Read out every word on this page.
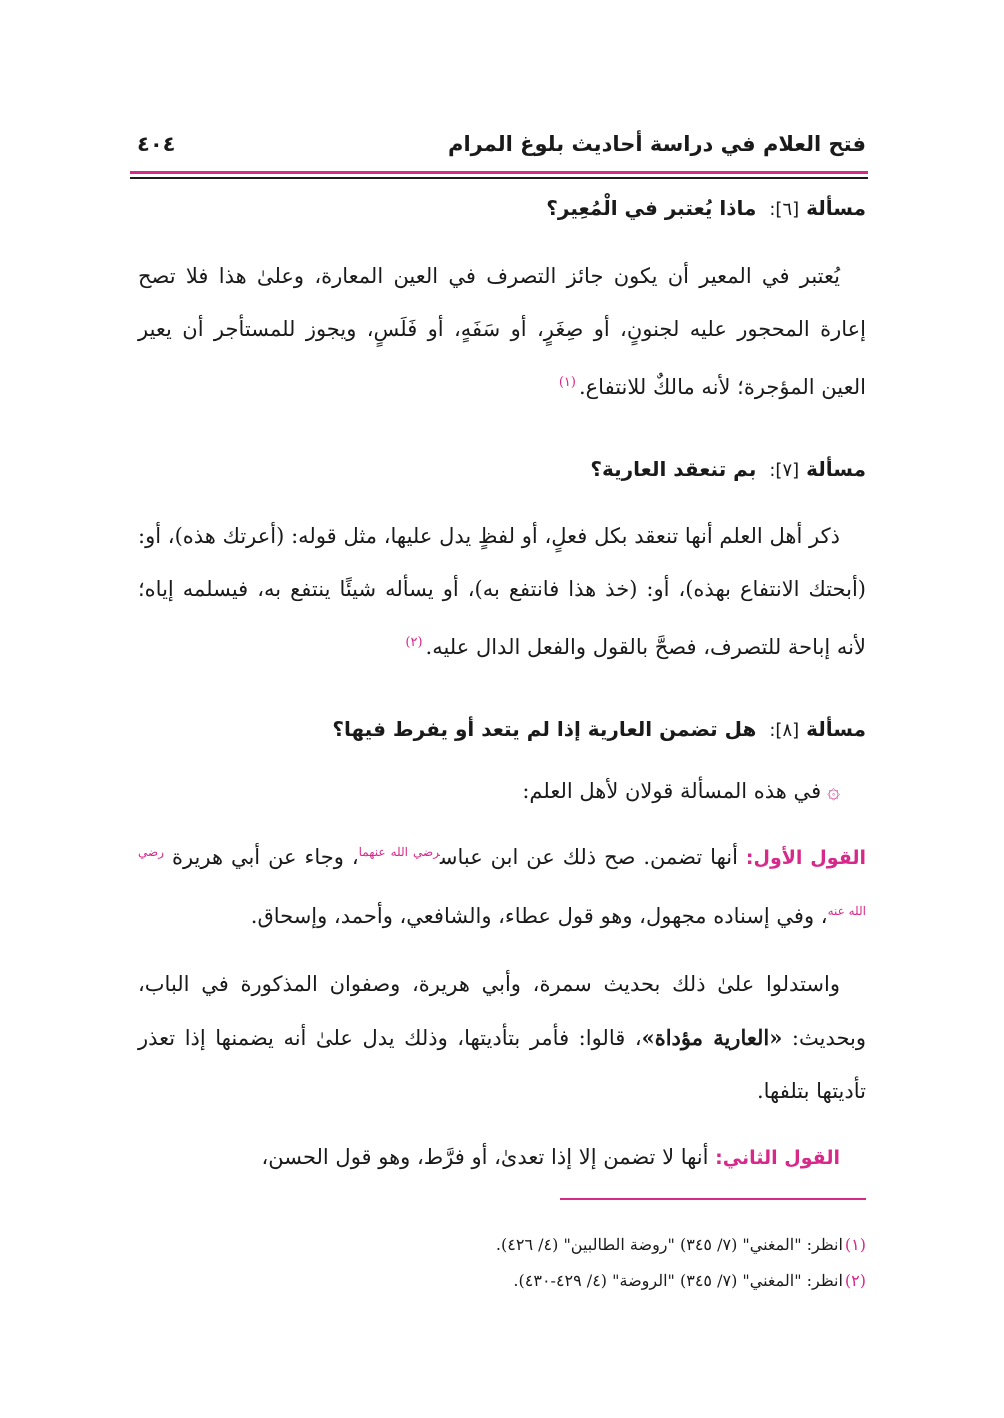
فتح العلام في دراسة أحاديث بلوغ المرام
٤٠٤
مسألة [٦]: ماذا يُعتبر في الْمُعِير؟
يُعتبر في المعير أن يكون جائز التصرف في العين المعارة، وعلىٰ هذا فلا تصح إعارة المحجور عليه لجنونٍ، أو صِغَرٍ، أو سَفَهٍ، أو فَلَسٍ، ويجوز للمستأجر أن يعير العين المؤجرة؛ لأنه مالكٌ للانتفاع.$^{(١)}$
مسألة [٧]: بم تنعقد العارية؟
ذكر أهل العلم أنها تنعقد بكل فعلٍ، أو لفظٍ يدل عليها، مثل قوله: (أعرتك هذه)، أو: (أبحتك الانتفاع بهذه)، أو: (خذ هذا فانتفع به)، أو يسأله شيئًا ينتفع به، فيسلمه إياه؛ لأنه إباحة للتصرف، فصحَّ بالقول والفعل الدال عليه.$^{(٢)}$
مسألة [٨]: هل تضمن العارية إذا لم يتعد أو يفرط فيها؟
۞في هذه المسألة قولان لأهل العلم:
القول الأول: أنها تضمن. صح ذلك عن ابن عباس$^{رضي الله عنهما}$، وجاء عن أبي هريرة $^{رضي الله عنه}$، وفي إسناده مجهول، وهو قول عطاء، والشافعي، وأحمد، وإسحاق.
واستدلوا علىٰ ذلك بحديث سمرة، وأبي هريرة، وصفوان المذكورة في الباب، وبحديث: «العارية مؤداة»، قالوا: فأمر بتأديتها، وذلك يدل علىٰ أنه يضمنها إذا تعذر تأديتها بتلفها.
القول الثاني: أنها لا تضمن إلا إذا تعدىٰ، أو فرَّط، وهو قول الحسن،
(١)انظر: "المغني" (٧/ ٣٤٥) "روضة الطالبين" (٤/ ٤٢٦).
(٢)انظر: "المغني" (٧/ ٣٤٥) "الروضة" (٤/ ٤٢٩-٤٣٠).
